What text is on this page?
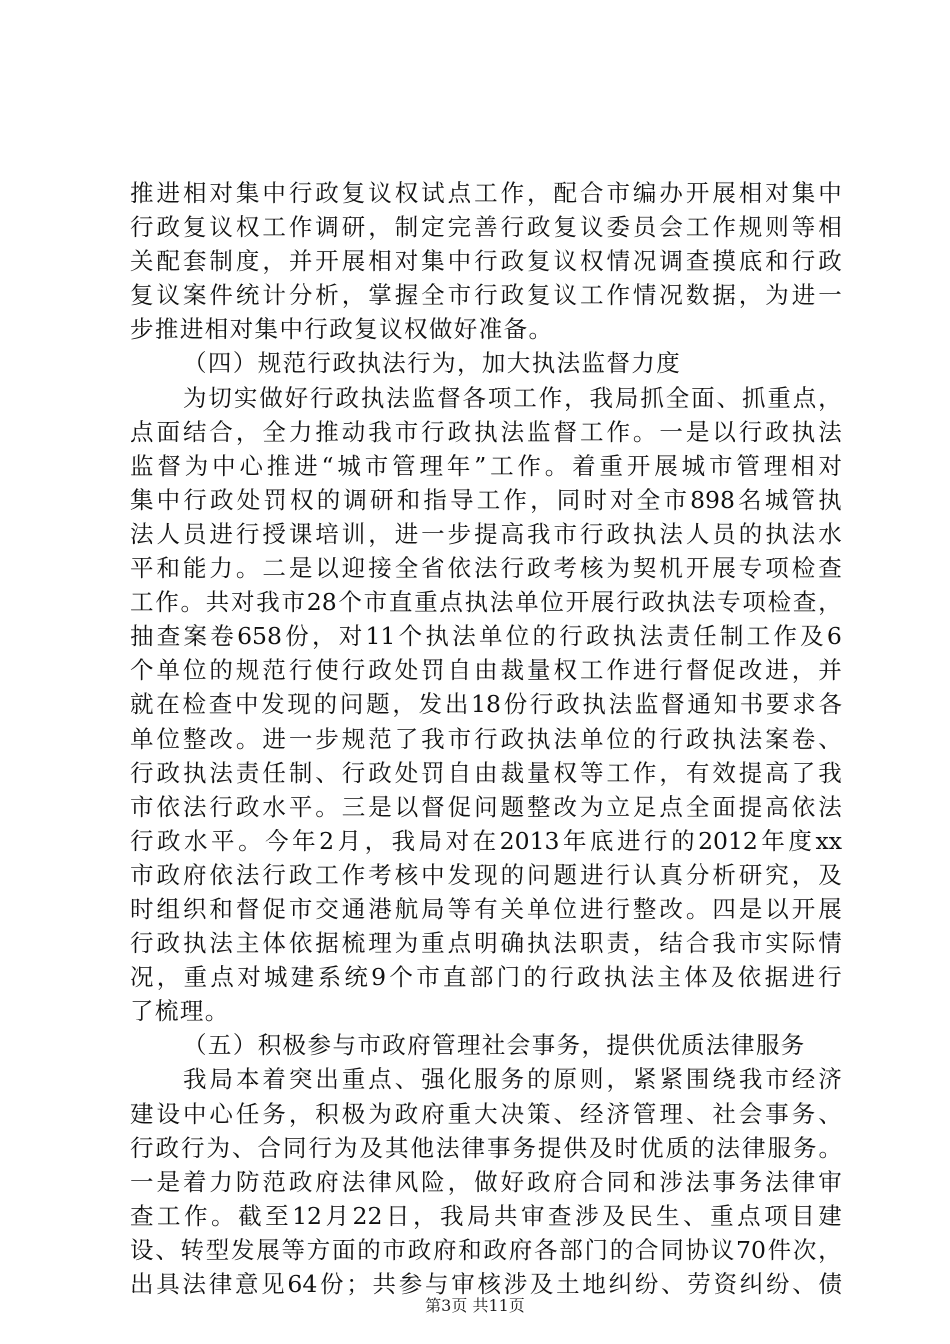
推 进 相 对 集 中 行 政 复 议 权 试 点 工 作 ， 配 合 市 编 办 开 展 相 对 集 中
行 政 复 议 权 工 作 调 研 ， 制 定 完 善 行 政 复 议 委 员 会 工 作 规 则 等 相
关 配 套 制 度 ， 并 开 展 相 对 集 中 行 政 复 议 权 情 况 调 查 摸 底 和 行 政
复 议 案 件 统 计 分 析 ， 掌 握 全 市 行 政 复 议 工 作 情 况 数 据 ， 为 进 一
步 推 进 相 对 集 中 行 政 复 议 权 做 好 准 备 。
（ 四 ） 规 范 行 政 执 法 行 为 ， 加 大 执 法 监 督 力 度
为 切 实 做 好 行 政 执 法 监 督 各 项 工 作 ， 我 局 抓 全 面 、 抓 重 点 ，
点 面 结 合 ， 全 力 推 动 我 市 行 政 执 法 监 督 工 作 。 一 是 以 行 政 执 法
监 督 为 中 心 推 进 “ 城 市 管 理 年 ” 工 作 。 着 重 开 展 城 市 管 理 相 对
集 中 行 政 处 罚 权 的 调 研 和 指 导 工 作 ， 同 时 对 全 市 898 名 城 管 执
法 人 员 进 行 授 课 培 训 ， 进 一 步 提 高 我 市 行 政 执 法 人 员 的 执 法 水
平 和 能 力 。 二 是 以 迎 接 全 省 依 法 行 政 考 核 为 契 机 开 展 专 项 检 查
工 作 。 共 对 我 市 28 个 市 直 重 点 执 法 单 位 开 展 行 政 执 法 专 项 检 查 ，
抽 查 案 卷 658 份 ， 对 11 个 执 法 单 位 的 行 政 执 法 责 任 制 工 作 及 6
个 单 位 的 规 范 行 使 行 政 处 罚 自 由 裁 量 权 工 作 进 行 督 促 改 进 ， 并
就 在 检 查 中 发 现 的 问 题 ， 发 出 18 份 行 政 执 法 监 督 通 知 书 要 求 各
单 位 整 改 。 进 一 步 规 范 了 我 市 行 政 执 法 单 位 的 行 政 执 法 案 卷 、
行 政 执 法 责 任 制 、 行 政 处 罚 自 由 裁 量 权 等 工 作 ， 有 效 提 高 了 我
市 依 法 行 政 水 平 。 三 是 以 督 促 问 题 整 改 为 立 足 点 全 面 提 高 依 法
行 政 水 平 。 今 年 2 月 ， 我 局 对 在 2013 年 底 进 行 的 2012 年 度 xx
市 政 府 依 法 行 政 工 作 考 核 中 发 现 的 问 题 进 行 认 真 分 析 研 究 ， 及
时 组 织 和 督 促 市 交 通 港 航 局 等 有 关 单 位 进 行 整 改 。 四 是 以 开 展
行 政 执 法 主 体 依 据 梳 理 为 重 点 明 确 执 法 职 责 ， 结 合 我 市 实 际 情
况 ， 重 点 对 城 建 系 统 9 个 市 直 部 门 的 行 政 执 法 主 体 及 依 据 进 行
了 梳 理 。
（ 五 ） 积 极 参 与 市 政 府 管 理 社 会 事 务 ， 提 供 优 质 法 律 服 务
我 局 本 着 突 出 重 点 、 强 化 服 务 的 原 则 ， 紧 紧 围 绕 我 市 经 济
建 设 中 心 任 务 ， 积 极 为 政 府 重 大 决 策 、 经 济 管 理 、 社 会 事 务 、
行 政 行 为 、 合 同 行 为 及 其 他 法 律 事 务 提 供 及 时 优 质 的 法 律 服 务 。
一 是 着 力 防 范 政 府 法 律 风 险 ， 做 好 政 府 合 同 和 涉 法 事 务 法 律 审
查 工 作 。 截 至 12 月 22 日 ， 我 局 共 审 查 涉 及 民 生 、 重 点 项 目 建
设 、 转 型 发 展 等 方 面 的 市 政 府 和 政 府 各 部 门 的 合 同 协 议 70 件 次 ，
出 具 法 律 意 见 64 份 ； 共 参 与 审 核 涉 及 土 地 纠 纷 、 劳 资 纠 纷 、 债
第3页 共11页
